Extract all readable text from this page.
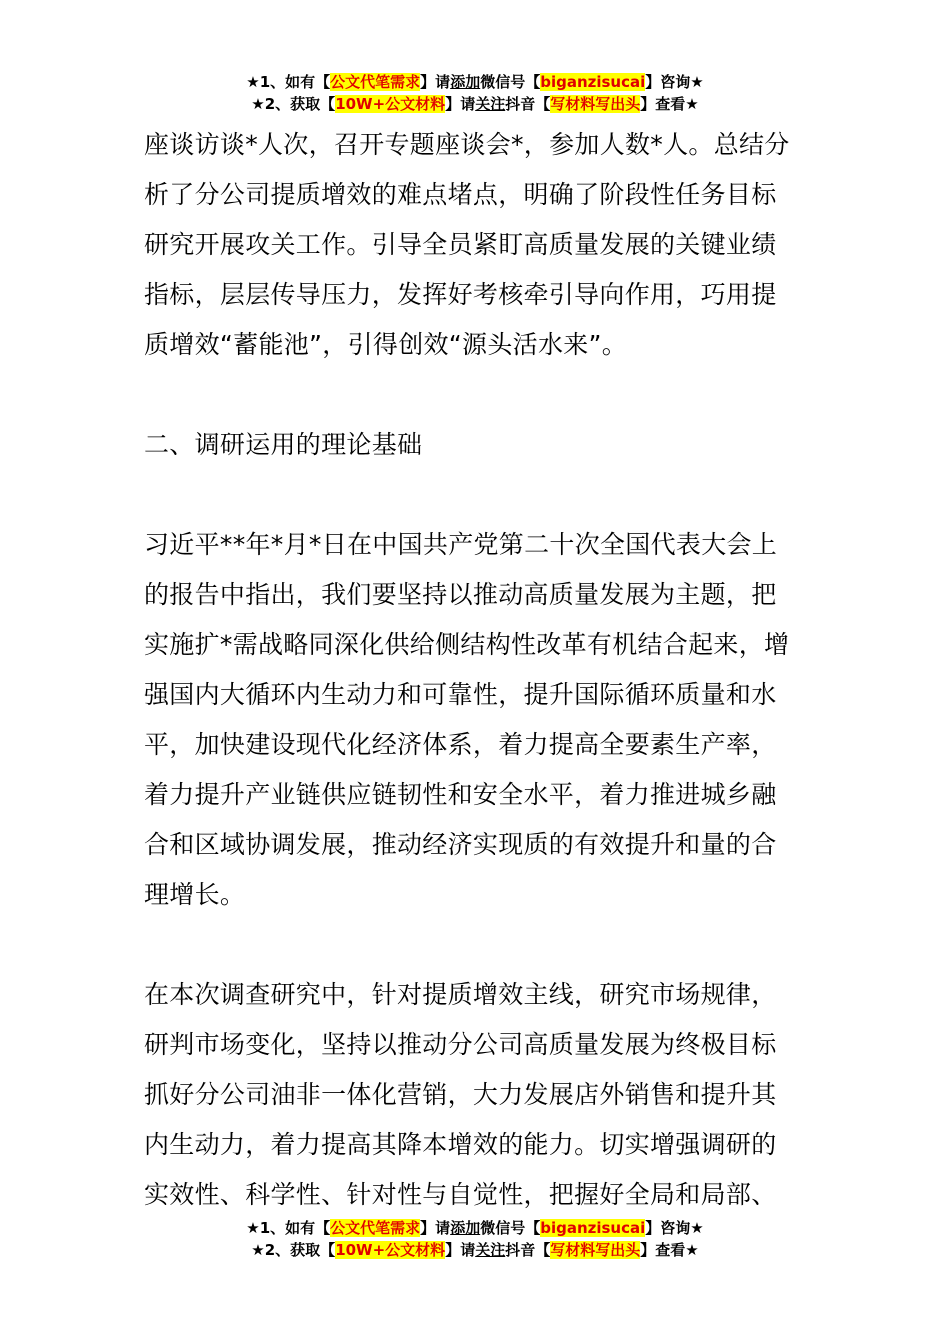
★1、如有【公文代笔需求】请添加微信号【biganzisucai】咨询★
★2、获取【10W+公文材料】请关注抖音【写材料写出头】查看★

座谈访谈*人次，召开专题座谈会*，参加人数*人。总结分
析了分公司提质增效的难点堵点，明确了阶段性任务目标
研究开展攻关工作。引导全员紧盯高质量发展的关键业绩
指标，层层传导压力，发挥好考核牵引导向作用，巧用提
质增效“蓄能池”，引得创效“源头活水来”。

二、调研运用的理论基础

习近平**年*月*日在中国共产党第二十次全国代表大会上
的报告中指出，我们要坚持以推动高质量发展为主题，把
实施扩*需战略同深化供给侧结构性改革有机结合起来，增
强国内大循环内生动力和可靠性，提升国际循环质量和水
平，加快建设现代化经济体系，着力提高全要素生产率，
着力提升产业链供应链韧性和安全水平，着力推进城乡融
合和区域协调发展，推动经济实现质的有效提升和量的合
理增长。

在本次调查研究中，针对提质增效主线，研究市场规律，
研判市场变化，坚持以推动分公司高质量发展为终极目标
抓好分公司油非一体化营销，大力发展店外销售和提升其
内生动力，着力提高其降本增效的能力。切实增强调研的
实效性、科学性、针对性与自觉性，把握好全局和局部、

★1、如有【公文代笔需求】请添加微信号【biganzisucai】咨询★
★2、获取【10W+公文材料】请关注抖音【写材料写出头】查看★
